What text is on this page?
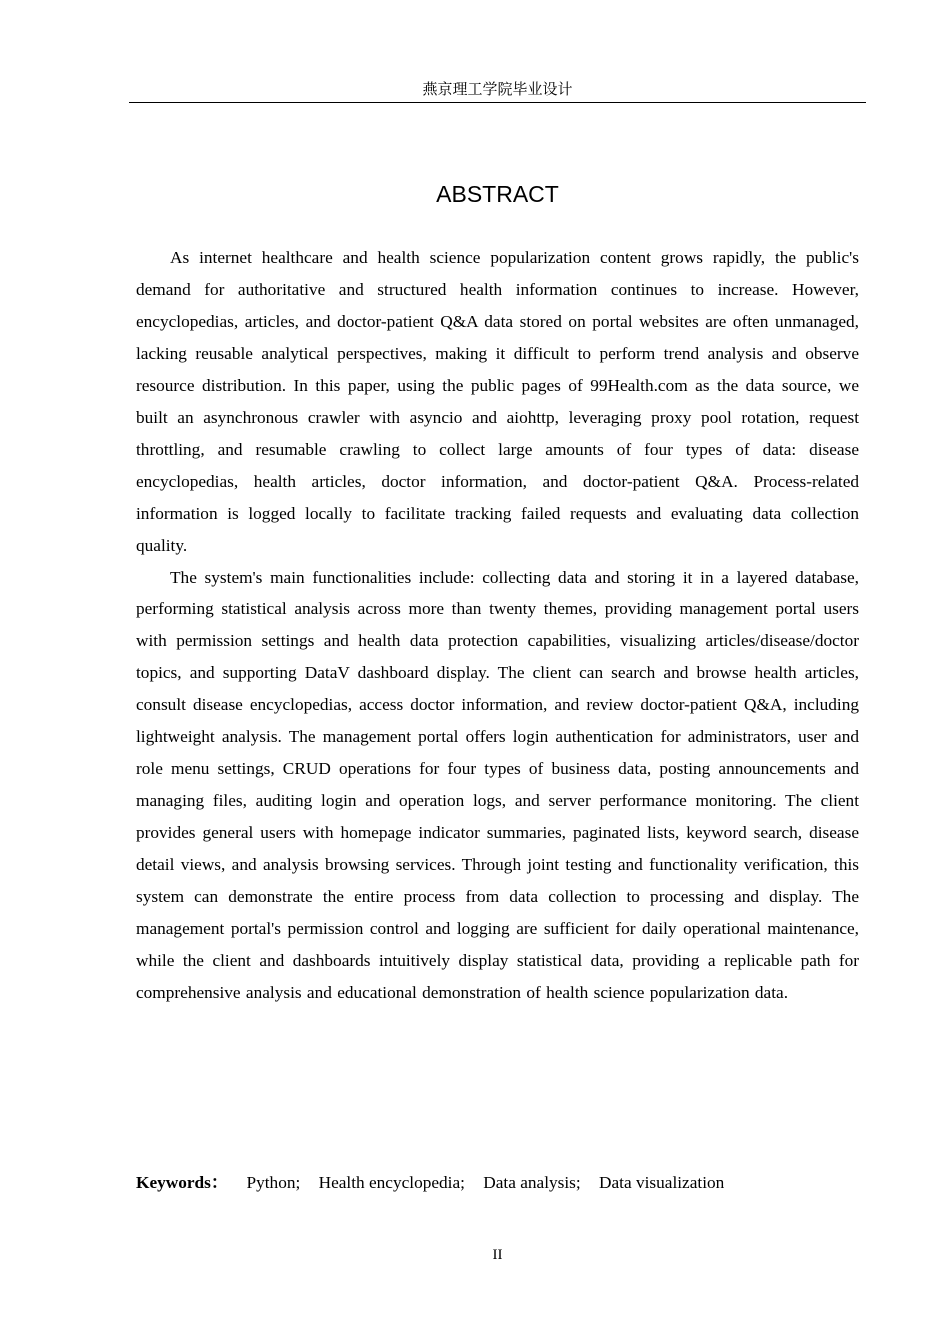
燕京理工学院毕业设计
ABSTRACT

As internet healthcare and health science popularization content grows rapidly, the public's demand for authoritative and structured health information continues to increase. However, encyclopedias, articles, and doctor-patient Q&A data stored on portal websites are often unmanaged, lacking reusable analytical perspectives, making it difficult to perform trend analysis and observe resource distribution. In this paper, using the public pages of 99Health.com as the data source, we built an asynchronous crawler with asyncio and aiohttp, leveraging proxy pool rotation, request throttling, and resumable crawling to collect large amounts of four types of data: disease encyclopedias, health articles, doctor information, and doctor-patient Q&A. Process-related information is logged locally to facilitate tracking failed requests and evaluating data collection quality.

The system's main functionalities include: collecting data and storing it in a layered database, performing statistical analysis across more than twenty themes, providing management portal users with permission settings and health data protection capabilities, visualizing articles/disease/doctor topics, and supporting DataV dashboard display. The client can search and browse health articles, consult disease encyclopedias, access doctor information, and review doctor-patient Q&A, including lightweight analysis. The management portal offers login authentication for administrators, user and role menu settings, CRUD operations for four types of business data, posting announcements and managing files, auditing login and operation logs, and server performance monitoring. The client provides general users with homepage indicator summaries, paginated lists, keyword search, disease detail views, and analysis browsing services. Through joint testing and functionality verification, this system can demonstrate the entire process from data collection to processing and display. The management portal's permission control and logging are sufficient for daily operational maintenance, while the client and dashboards intuitively display statistical data, providing a replicable path for comprehensive analysis and educational demonstration of health science popularization data.

Keywords： Python; Health encyclopedia; Data analysis; Data visualization
II
